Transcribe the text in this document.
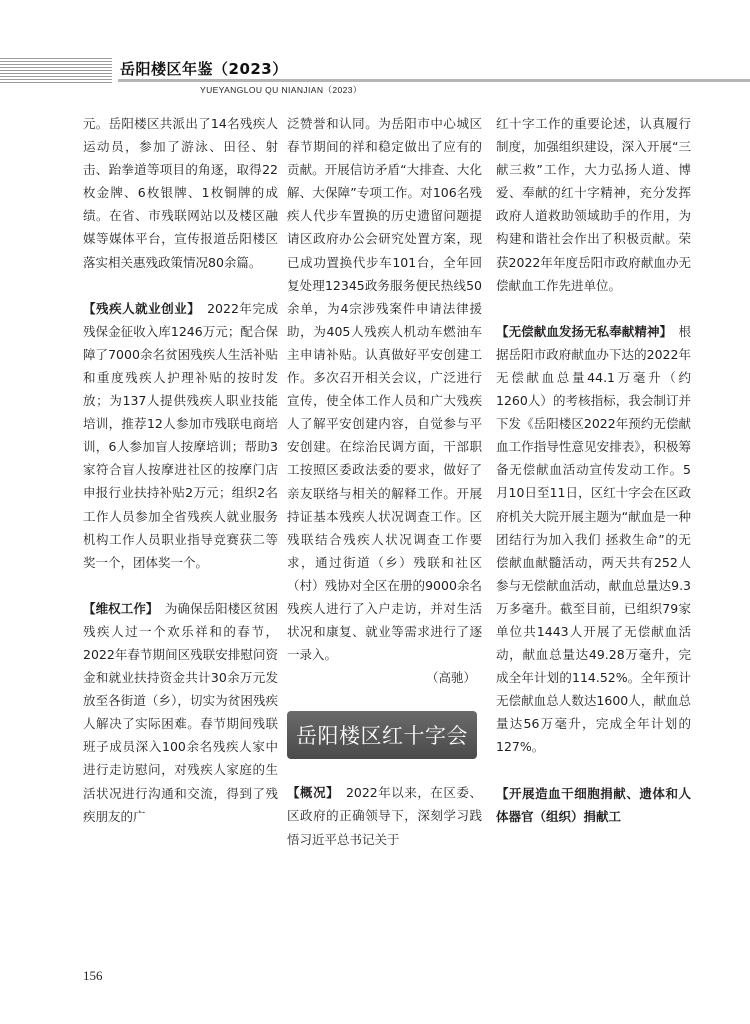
岳阳楼区年鉴（2023）
YUEYANGLOU QU NIANJIAN（2023）

元。岳阳楼区共派出了14名残疾人运动员，参加了游泳、田径、射击、跆拳道等项目的角逐，取得22枚金牌、6枚银牌、1枚铜牌的成绩。在省、市残联网站以及楼区融媒等媒体平台，宣传报道岳阳楼区落实相关惠残政策情况80余篇。

【残疾人就业创业】　 2022年完成残保金征收入库1246万元；配合保障了7000余名贫困残疾人生活补贴和重度残疾人护理补贴的按时发放；为137人提供残疾人职业技能培训，推荐12人参加市残联电商培训，6人参加盲人按摩培训；帮助3家符合盲人按摩进社区的按摩门店申报行业扶持补贴2万元；组织2名工作人员参加全省残疾人就业服务机构工作人员职业指导竞赛获二等奖一个，团体奖一个。

【维权工作】　 为确保岳阳楼区贫困残疾人过一个欢乐祥和的春节，2022年春节期间区残联安排慰问资金和就业扶持资金共计30余万元发放至各街道（乡），切实为贫困残疾人解决了实际困难。春节期间残联班子成员深入100余名残疾人家中进行走访慰问，对残疾人家庭的生活状况进行沟通和交流，得到了残疾朋友的广

泛赞誉和认同。为岳阳市中心城区春节期间的祥和稳定做出了应有的贡献。开展信访矛盾“大排查、大化解、大保障”专项工作。对106名残疾人代步车置换的历史遗留问题提请区政府办公会研究处置方案，现已成功置换代步车101台，全年回复处理12345政务服务便民热线50余单，为4宗涉残案件申请法律援助，为405人残疾人机动车燃油车主申请补贴。认真做好平安创建工作。多次召开相关会议，广泛进行宣传，使全体工作人员和广大残疾人了解平安创建内容，自觉参与平安创建。在综治民调方面，干部职工按照区委政法委的要求，做好了亲友联络与相关的解释工作。开展持证基本残疾人状况调查工作。区残联结合残疾人状况调查工作要求，通过街道（乡）残联和社区（村）残协对全区在册的9000余名残疾人进行了入户走访，并对生活状况和康复、就业等需求进行了逐一录入。

（高驰）

岳阳楼区红十字会

【概况】　 2022年以来，在区委、区政府的正确领导下，深刻学习践悟习近平总书记关于

红十字工作的重要论述，认真履行制度，加强组织建设，深入开展“三献三救”工作，大力弘扬人道、博爱、奉献的红十字精神，充分发挥政府人道救助领域助手的作用，为构建和谐社会作出了积极贡献。荣获2022年年度岳阳市政府献血办无偿献血工作先进单位。

【无偿献血发扬无私奉献精神】　 根据岳阳市政府献血办下达的2022年无偿献血总量44.1万毫升（约1260人）的考核指标，我会制订并下发《岳阳楼区2022年预约无偿献血工作指导性意见安排表》，积极筹备无偿献血活动宣传发动工作。5月10日至11日，区红十字会在区政府机关大院开展主题为“献血是一种团结行为加入我们 拯救生命”的无偿献血献髓活动，两天共有252人参与无偿献血活动，献血总量达9.3万多毫升。截至目前，已组织79家单位共1443人开展了无偿献血活动，献血总量达49.28万毫升，完成全年计划的114.52%。全年预计无偿献血总人数达1600人，献血总量达56万毫升，完成全年计划的127%。

【开展造血干细胞捐献、遗体和人体器官（组织）捐献工

156
